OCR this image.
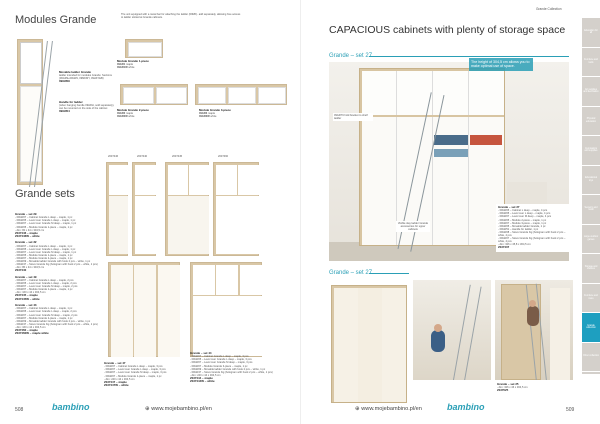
Modules Grande	The unit equipped with a metal bar for attaching the ladder (09MK). add separately, allowing free access to ladder slotted at Grande cabinets.
Movable ladder Grande
ladder intended for modules Grande: Sections (09GR9+09GR9, 09MKMY, 09HKYEB)
09GR09
Handle for ladder
(when hanging handle 09HRH, sold separately), can be mounted on the side of the cabinet
09GR04
Module Grande 1-piece
09GR1 maple
09GR1W white
Module Grande 2-piece
09GR2 maple
09GR2W white
Module Grande 3-piece
09GR3 maple
09GR3W white
2037446	2037440	2037445	2037460
Grande sets
Grande – set 29
- 09GR07 – Cabinet Grande L deep – maple, 1 pc
- 09GR05 – Level over Grande L deep – maple, 1 pc
- 09GR07 – Level over Grande M deep – maple, 1 pc
- 09GR05 – Module Grande 1-piece – maple, 1 pc
- dim: 82 x 44 x 304,5 cm
2037446 – maple
2037446W – white
Grande – set 32
- 09GR07 – Cabinet Grande L deep – maple, 1 pc
- 09GR05 – Level over Grande L deep – maple, 1 pc
- 09GR07 – Level over Grande M deep – maple, 1 pc
- 09GR05 – Module Grande 1-piece – maple, 1 pc
- 09GR07 – Module Grande 2-piece – maple, 1 pc
- 09GR09 – Movable ladder Grande with hook 2 pcs – white, 1 pc
- 09GR47 – Stove Grande big (hologram with hook 2 pcs – white, 1 pcs)
- dim: 86 x 44 x 304,5 cm
2037440
Grande – set 49
- 09GR07 – Cabinet Grande L deep – maple, 2 pcs
- 09GR05 – Level over Grande L deep – maple, 2 pcs
- 09GR07 – Level over Grande M deep – maple, 2 pcs
- 09GR07 – Module Grande 1-piece – maple, 1 pc
- dim: 160 x 44 x 304,5 cm
2037445 – maple
2037445W – white
Grande – set 43
- 09GR07 – Cabinet Grande L deep – maple, 1 pc
- 09GR05 – Level over Grande L deep – maple, 2 pcs
- 09GR07 – Level over Grande M deep – maple, 2 pcs
- 09GR07 – Module Grande 2-piece – maple, 1 pc
- 09GR09 – Movable ladder Grande with hook 2 pcs – white, 1 pc
- 09GR47 – Stove Grande big (hologram with hook 2 pcs – white, 1 pcs)
- dim: 160 x 44 x 304,5 cm
2037460 – maple
2037460W – maple white
Grande – set 47
- 09GR07 – Cabinet Grande L deep – maple, 3 pcs
- 09GR07 – Level over Grande L deep – maple, 3 pcs
- 09GR07 – Level over Grande M deep – maple, 3 pcs
- 09GR07 – Module Grande 1-piece – maple, 1 pc
- dim: 240 x 44 x 304,5 cm
2037447 – maple
2037447W – white
Grande – set 44
- 09GR07 – Cabinet Grande L deep – maple, 3 pcs
- 09GR05 – Level over Grande L deep – maple, 3 pcs
- 09GR07 – Level over Grande M deep – maple, 3 pcs
- 09GR07 – Module Grande 3-piece – maple, 1 pc
- 09GR09 – Movable ladder Grande with hook 2 pcs – white, 1 pc
- 09GR47 – Stove Grande big (hologram with hook 2 pcs – white, 1 pcs)
- dim: 240 x 44 x 304,5 cm
2037444 – maple
2037444W – white
508	bambino	⊕ www.mojebambino.pl/en
Grande Collection
CAPACIOUS cabinets with plenty of storage space
Grande – set 27
The height of 304,5 cm allows you to make optimal use of space.
09GR79 hold bracket to shelf ladder
Visible slay ladder Grande accessories for upper cabinets
Grande – set 27
- 09GR05 – Cabinet L deep – maple, 4 pcs
- 09GR05 – Level over L deep – maple, 4 pcs
- 09GR07 – Level over M deep – maple, 4 pcs
- 09GR05 – Module 2-piece – maple, 1 pc
- 09GR07 – Module 3-piece – maple, 1 pc
- 09GR05 – Movable ladder Grande, 1 pc
- 09GR51 – Handle for ladder, 1 pc
- 09GR08 – Stove Grande big (hologram with hook 2 pcs – white, 4 pcs
- 09GR07 – Stove Grande big (hologram with hook 2 pcs – white, 4 pcs
- dim: 326 x 45,8 x 304,5 cm
2037437
Grande – set 27
Grande – set 25
- dim: 326 x 46 x 304,5 cm
2037025
⊕ www.mojebambino.pl/en	bambino	509
Education for all
Furniture and tools
Art supplies and decoration
Physical education
Gymnastics and supplies
Educational toys
Sensory and motor
Large outdoor games
Storage and shelves
Furniture and more
Grande collection
Other collection
